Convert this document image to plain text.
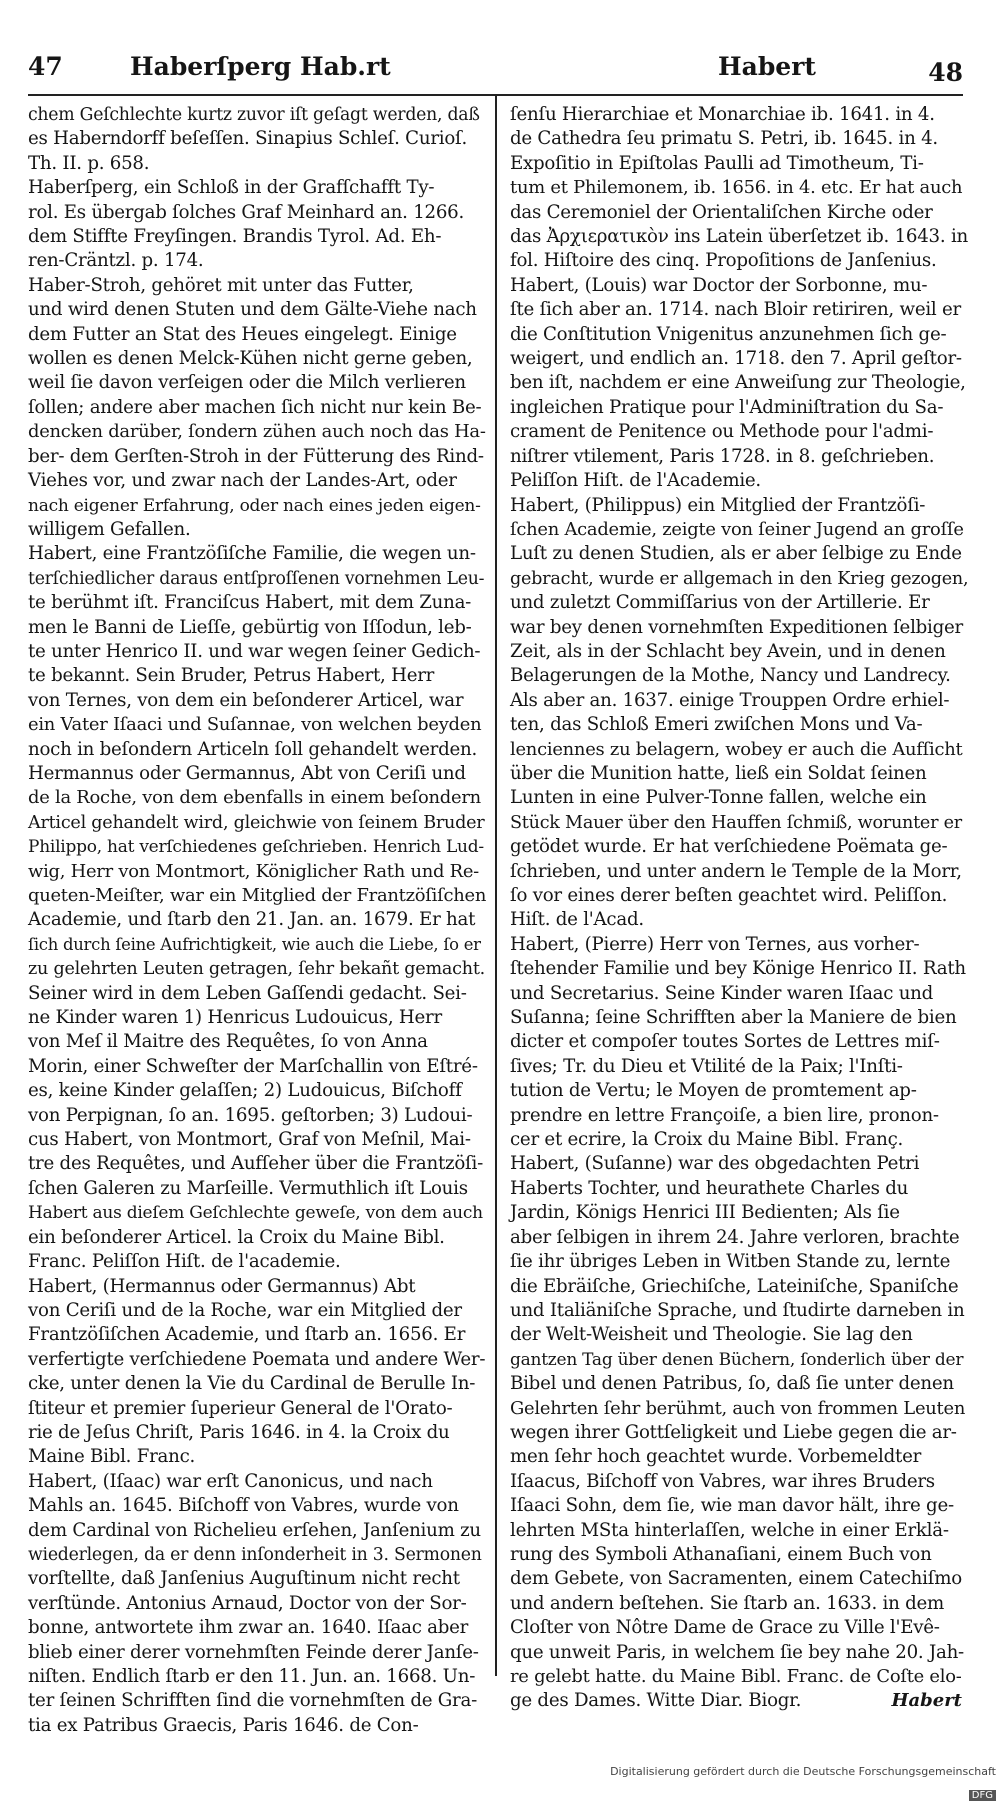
47	Haberſperg Hab.rt	Habert	48
chem Geſchlechte kurtz zuvor iſt geſagt werden, daß
es Haberndorff beſeſſen. Sinapius Schleſ. Curioſ.
Th. II. p. 658.
Haberſperg, ein Schloß in der Grafſchafft Ty-
rol. Es übergab ſolches Graf Meinhard an. 1266.
dem Stiffte Freyſingen. Brandis Tyrol. Ad. Eh-
ren-Cräntzl. p. 174.
Haber-Stroh, gehöret mit unter das Futter,
und wird denen Stuten und dem Gälte-Viehe nach
dem Futter an Stat des Heues eingelegt. Einige
wollen es denen Melck-Kühen nicht gerne geben,
weil ſie davon verſeigen oder die Milch verlieren
ſollen; andere aber machen ſich nicht nur kein Be-
dencken darüber, ſondern zühen auch noch das Ha-
ber- dem Gerſten-Stroh in der Fütterung des Rind-
Viehes vor, und zwar nach der Landes-Art, oder
nach eigener Erfahrung, oder nach eines jeden eigen-
willigem Gefallen.
Habert, eine Frantzöſiſche Familie, die wegen un-
terſchiedlicher daraus entſproſſenen vornehmen Leu-
te berühmt iſt. Franciſcus Habert, mit dem Zuna-
men le Banni de Lieſſe, gebürtig von Iſſodun, leb-
te unter Henrico II. und war wegen ſeiner Gedich-
te bekannt. Sein Bruder, Petrus Habert, Herr
von Ternes, von dem ein beſonderer Articel, war
ein Vater Iſaaci und Suſannae, von welchen beyden
noch in beſondern Articeln ſoll gehandelt werden.
Hermannus oder Germannus, Abt von Ceriſi und
de la Roche, von dem ebenfalls in einem beſondern
Articel gehandelt wird, gleichwie von ſeinem Bruder
Philippo, hat verſchiedenes geſchrieben. Henrich Lud-
wig, Herr von Montmort, Königlicher Rath und Re-
queten-Meiſter, war ein Mitglied der Frantzöſiſchen
Academie, und ſtarb den 21. Jan. an. 1679. Er hat
ſich durch ſeine Aufrichtigkeit, wie auch die Liebe, ſo er
zu gelehrten Leuten getragen, ſehr bekañt gemacht.
Seiner wird in dem Leben Gaſſendi gedacht. Sei-
ne Kinder waren 1) Henricus Ludouicus, Herr
von Meſ il Maitre des Requêtes, ſo von Anna
Morin, einer Schweſter der Marſchallin von Eſtré-
es, keine Kinder gelaſſen; 2) Ludouicus, Biſchoff
von Perpignan, ſo an. 1695. geſtorben; 3) Ludoui-
cus Habert, von Montmort, Graf von Meſnil, Mai-
tre des Requêtes, und Aufſeher über die Frantzöſi-
ſchen Galeren zu Marſeille. Vermuthlich iſt Louis
Habert aus dieſem Geſchlechte geweſe, von dem auch
ein beſonderer Articel. la Croix du Maine Bibl.
Franc. Peliſſon Hiſt. de l'academie.
Habert, (Hermannus oder Germannus) Abt
von Ceriſi und de la Roche, war ein Mitglied der
Frantzöſiſchen Academie, und ſtarb an. 1656. Er
verfertigte verſchiedene Poemata und andere Wer-
cke, unter denen la Vie du Cardinal de Berulle In-
ſtiteur et premier ſuperieur General de l'Orato-
rie de Jeſus Chriſt, Paris 1646. in 4. la Croix du
Maine Bibl. Franc.
Habert, (Iſaac) war erſt Canonicus, und nach
Mahls an. 1645. Biſchoff von Vabres, wurde von
dem Cardinal von Richelieu erſehen, Janſenium zu
wiederlegen, da er denn inſonderheit in 3. Sermonen
vorſtellte, daß Janſenius Auguſtinum nicht recht
verſtünde. Antonius Arnaud, Doctor von der Sor-
bonne, antwortete ihm zwar an. 1640. Iſaac aber
blieb einer derer vornehmſten Feinde derer Janſe-
niſten. Endlich ſtarb er den 11. Jun. an. 1668. Un-
ter ſeinen Schrifften ſind die vornehmſten de Gra-
tia ex Patribus Graecis, Paris 1646. de Con-
ſenſu Hierarchiae et Monarchiae ib. 1641. in 4.
de Cathedra ſeu primatu S. Petri, ib. 1645. in 4.
Expoſitio in Epiſtolas Paulli ad Timotheum, Ti-
tum et Philemonem, ib. 1656. in 4. etc. Er hat auch
das Ceremoniel der Orientaliſchen Kirche oder
das Ἀρχιερατικὸν ins Latein überſetzet ib. 1643. in
fol. Hiſtoire des cinq. Propoſitions de Janſenius.
Habert, (Louis) war Doctor der Sorbonne, mu-
ſte ſich aber an. 1714. nach Bloir retiriren, weil er
die Conſtitution Vnigenitus anzunehmen ſich ge-
weigert, und endlich an. 1718. den 7. April geſtor-
ben iſt, nachdem er eine Anweiſung zur Theologie,
ingleichen Pratique pour l'Adminiſtration du Sa-
crament de Penitence ou Methode pour l'admi-
niſtrer vtilement, Paris 1728. in 8. geſchrieben.
Peliſſon Hiſt. de l'Academie.
Habert, (Philippus) ein Mitglied der Frantzöſi-
ſchen Academie, zeigte von ſeiner Jugend an groſſe
Luſt zu denen Studien, als er aber ſelbige zu Ende
gebracht, wurde er allgemach in den Krieg gezogen,
und zuletzt Commiſſarius von der Artillerie. Er
war bey denen vornehmſten Expeditionen ſelbiger
Zeit, als in der Schlacht bey Avein, und in denen
Belagerungen de la Mothe, Nancy und Landrecy.
Als aber an. 1637. einige Trouppen Ordre erhiel-
ten, das Schloß Emeri zwiſchen Mons und Va-
lenciennes zu belagern, wobey er auch die Aufſicht
über die Munition hatte, ließ ein Soldat ſeinen
Lunten in eine Pulver-Tonne fallen, welche ein
Stück Mauer über den Hauffen ſchmiß, worunter er
getödet wurde. Er hat verſchiedene Poëmata ge-
ſchrieben, und unter andern le Temple de la Morr,
ſo vor eines derer beſten geachtet wird. Peliſſon.
Hiſt. de l'Acad.
Habert, (Pierre) Herr von Ternes, aus vorher-
ſtehender Familie und bey Könige Henrico II. Rath
und Secretarius. Seine Kinder waren Iſaac und
Suſanna; ſeine Schrifften aber la Maniere de bien
dicter et compoſer toutes Sortes de Lettres miſ-
ſives; Tr. du Dieu et Vtilité de la Paix; l'Inſti-
tution de Vertu; le Moyen de promtement ap-
prendre en lettre Françoiſe, a bien lire, pronon-
cer et ecrire, la Croix du Maine Bibl. Franç.
Habert, (Suſanne) war des obgedachten Petri
Haberts Tochter, und heurathete Charles du
Jardin, Königs Henrici III Bedienten; Als ſie
aber ſelbigen in ihrem 24. Jahre verloren, brachte
ſie ihr übriges Leben in Witben Stande zu, lernte
die Ebräiſche, Griechiſche, Lateiniſche, Spaniſche
und Italiäniſche Sprache, und ſtudirte darneben in
der Welt-Weisheit und Theologie. Sie lag den
gantzen Tag über denen Büchern, ſonderlich über der
Bibel und denen Patribus, ſo, daß ſie unter denen
Gelehrten ſehr berühmt, auch von frommen Leuten
wegen ihrer Gottſeligkeit und Liebe gegen die ar-
men ſehr hoch geachtet wurde. Vorbemeldter
Iſaacus, Biſchoff von Vabres, war ihres Bruders
Iſaaci Sohn, dem ſie, wie man davor hält, ihre ge-
lehrten MSta hinterlaſſen, welche in einer Erklä-
rung des Symboli Athanaſiani, einem Buch von
dem Gebete, von Sacramenten, einem Catechiſmo
und andern beſtehen. Sie ſtarb an. 1633. in dem
Cloſter von Nôtre Dame de Grace zu Ville l'Evê-
que unweit Paris, in welchem ſie bey nahe 20. Jah-
re gelebt hatte. du Maine Bibl. Franc. de Coſte elo-
ge des Dames. Witte Diar. Biogr.	Habert
Digitalisierung gefördert durch die Deutsche Forschungsgemeinschaft DFG
